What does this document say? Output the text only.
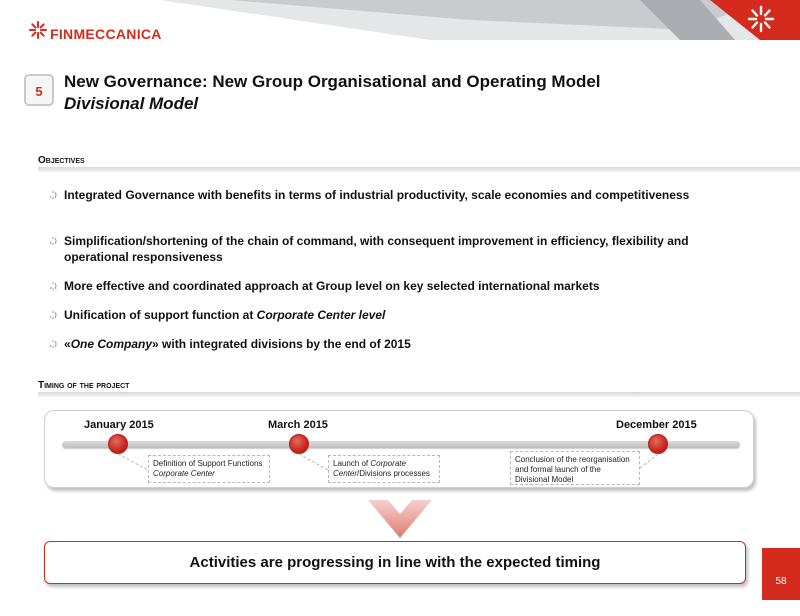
FINMECCANICA
5
New Governance: New Group Organisational and Operating Model
Divisional Model
Objectives
Integrated Governance with benefits in terms of industrial productivity, scale economies and competitiveness
Simplification/shortening of the chain of command, with consequent improvement in efficiency, flexibility and operational responsiveness
More effective and coordinated approach at Group level on key selected international markets
Unification of support function at Corporate Center level
«One Company» with integrated divisions by the end of 2015
Timing of the project
January 2015	March 2015	December 2015
Definition of Support Functions Corporate Center
Launch of Corporate Center/Divisions processes
Conclusion of the reorganisation and formal launch of the Divisional Model
Activities are progressing in line with the expected timing
58
